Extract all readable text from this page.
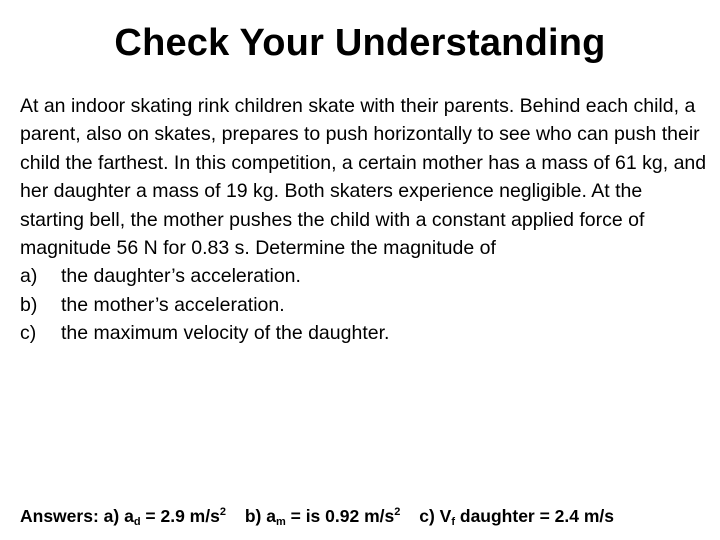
Check Your Understanding

At an indoor skating rink children skate with their parents. Behind each child, a parent, also on skates, prepares to push horizontally to see who can push their child the farthest. In this competition, a certain mother has a mass of 61 kg, and her daughter a mass of 19 kg. Both skaters experience negligible. At the starting bell, the mother pushes the child with a constant applied force of magnitude 56 N for 0.83 s. Determine the magnitude of

a)	the daughter’s acceleration.
b)	the mother’s acceleration.
c)	the maximum velocity of the daughter.
Answers: a) $a_d = 2.9$ $m/s^2$ b) $a_m$ = is 0.92 $m/s^2$ c) $V_f$ daughter = 2.4 m/s
